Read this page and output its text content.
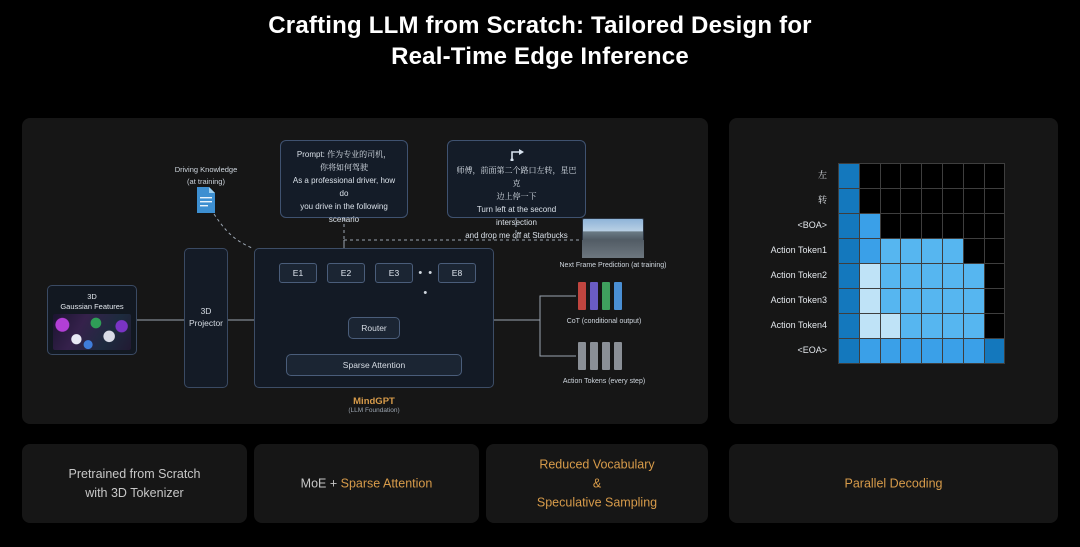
Crafting LLM from Scratch: Tailored Design for
Real-Time Edge Inference
3D
Gaussian Features	3D
Projector
Driving Knowledge
(at training)
Prompt: 作为专业的司机，
你将如何驾驶
As a professional driver, how do
you drive in the following scenario
师傅，前面第二个路口左转，星巴克
边上停一下
Turn left at the second intersection
and drop me off at Starbucks
E1	E2	E3	• • •
E8
Router
Sparse Attention
MindGPT
(LLM Foundation)
Next Frame Prediction (at training)
CoT (conditional output)
Action Tokens (every step)
左
转
<BOA>
Action Token1
Action Token2
Action Token3
Action Token4
<EOA>

Pretrained from Scratch
with 3D Tokenizer
MoE + Sparse Attention
Reduced Vocabulary
&
Speculative Sampling
Parallel Decoding
